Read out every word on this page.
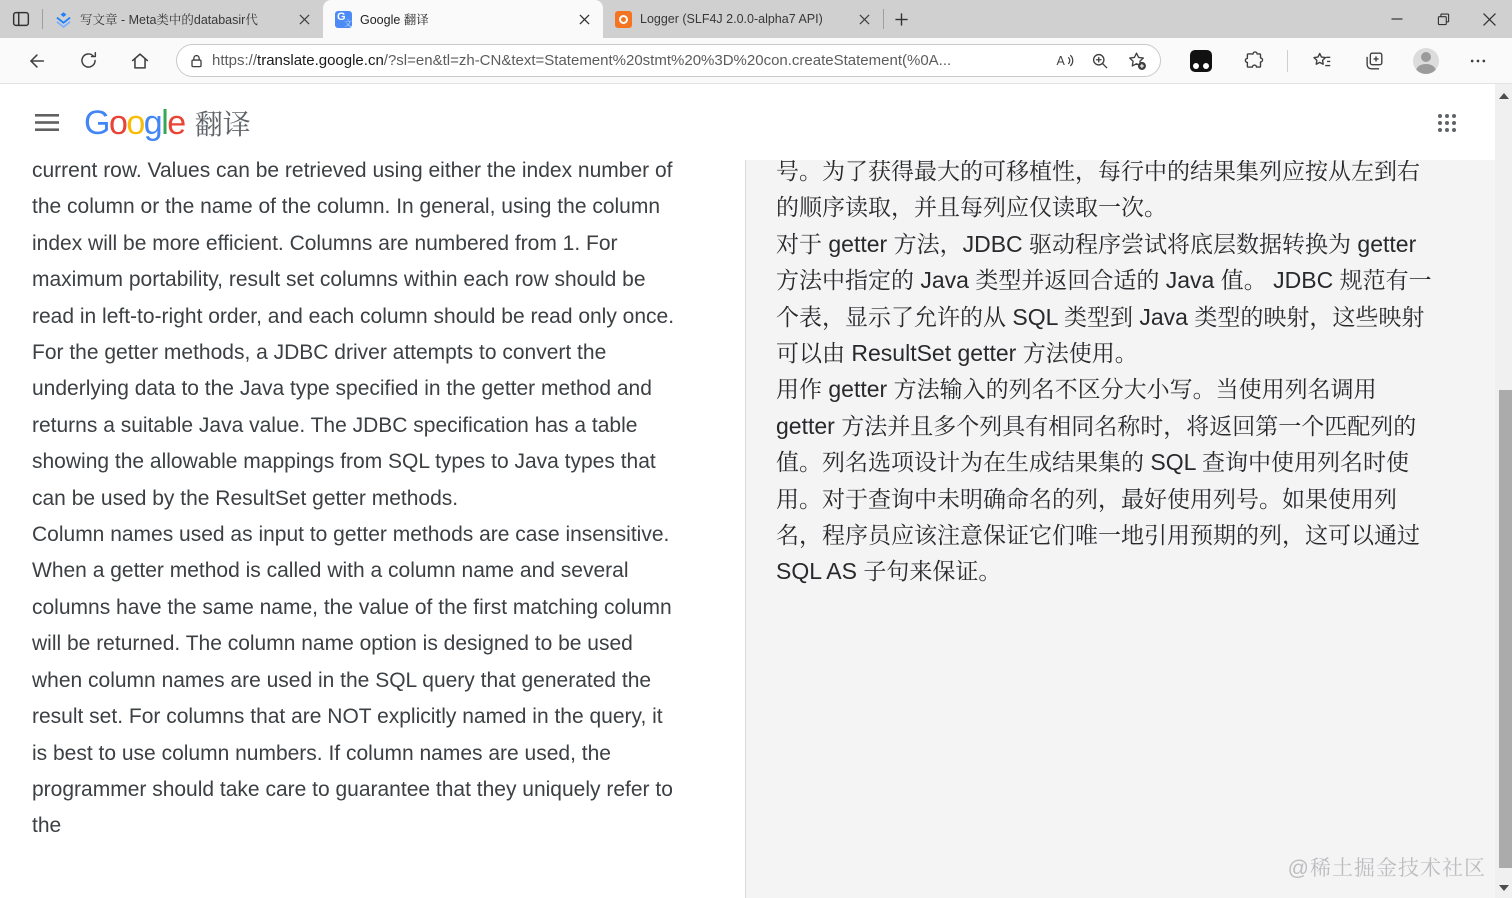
写文章 - Meta类中的databasir代	G
文 Google 翻译	Logger (SLF4J 2.0.0-alpha7 API)
https://translate.google.cn/?sl=en&tl=zh-CN&text=Statement%20stmt%20%3D%20con.createStatement(%0A...	A
Google 翻译
current row. Values can be retrieved using either the index number of the column or the name of the column. In general, using the column index will be more efficient. Columns are numbered from 1. For maximum portability, result set columns within each row should be read in left-to-right order, and each column should be read only once.
For the getter methods, a JDBC driver attempts to convert the underlying data to the Java type specified in the getter method and returns a suitable Java value. The JDBC specification has a table showing the allowable mappings from SQL types to Java types that can be used by the ResultSet getter methods.
Column names used as input to getter methods are case insensitive. When a getter method is called with a column name and several columns have the same name, the value of the first matching column will be returned. The column name option is designed to be used when column names are used in the SQL query that generated the result set. For columns that are NOT explicitly named in the query, it is best to use column numbers. If column names are used, the programmer should take care to guarantee that they uniquely refer to the
号。为了获得最大的可移植性，每行中的结果集列应按从左到右的顺序读取，并且每列应仅读取一次。
对于 getter 方法，JDBC 驱动程序尝试将底层数据转换为 getter 方法中指定的 Java 类型并返回合适的 Java 值。 JDBC 规范有一个表，显示了允许的从 SQL 类型到 Java 类型的映射，这些映射可以由 ResultSet getter 方法使用。
用作 getter 方法输入的列名不区分大小写。当使用列名调用 getter 方法并且多个列具有相同名称时，将返回第一个匹配列的值。列名选项设计为在生成结果集的 SQL 查询中使用列名时使用。对于查询中未明确命名的列，最好使用列号。如果使用列名，程序员应该注意保证它们唯一地引用预期的列，这可以通过 SQL AS 子句来保证。
@稀土掘金技术社区
